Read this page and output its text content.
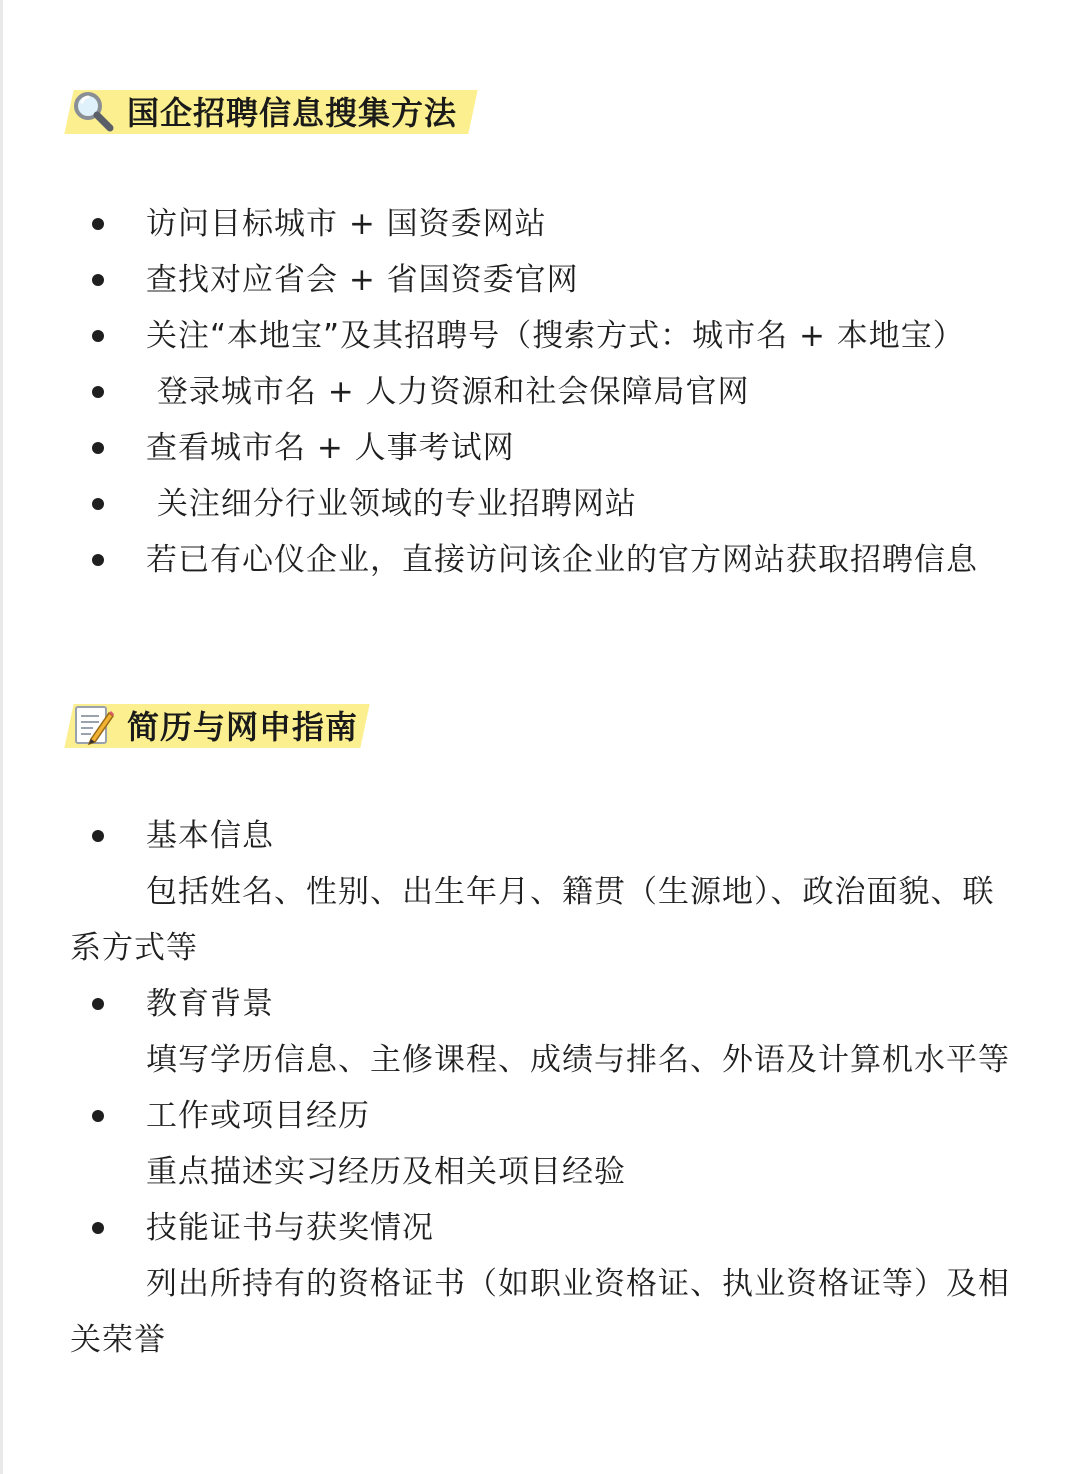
国企招聘信息搜集方法
访问目标城市 + 国资委网站
查找对应省会 + 省国资委官网
关注“本地宝”及其招聘号（搜索方式：城市名 + 本地宝）
登录城市名 + 人力资源和社会保障局官网
查看城市名 + 人事考试网
关注细分行业领域的专业招聘网站
若已有心仪企业，直接访问该企业的官方网站获取招聘信息
简历与网申指南
基本信息
包括姓名、性别、出生年月、籍贯（生源地）、政治面貌、联系方式等
教育背景
填写学历信息、主修课程、成绩与排名、外语及计算机水平等
工作或项目经历
重点描述实习经历及相关项目经验
技能证书与获奖情况
列出所持有的资格证书（如职业资格证、执业资格证等）及相关荣誉
